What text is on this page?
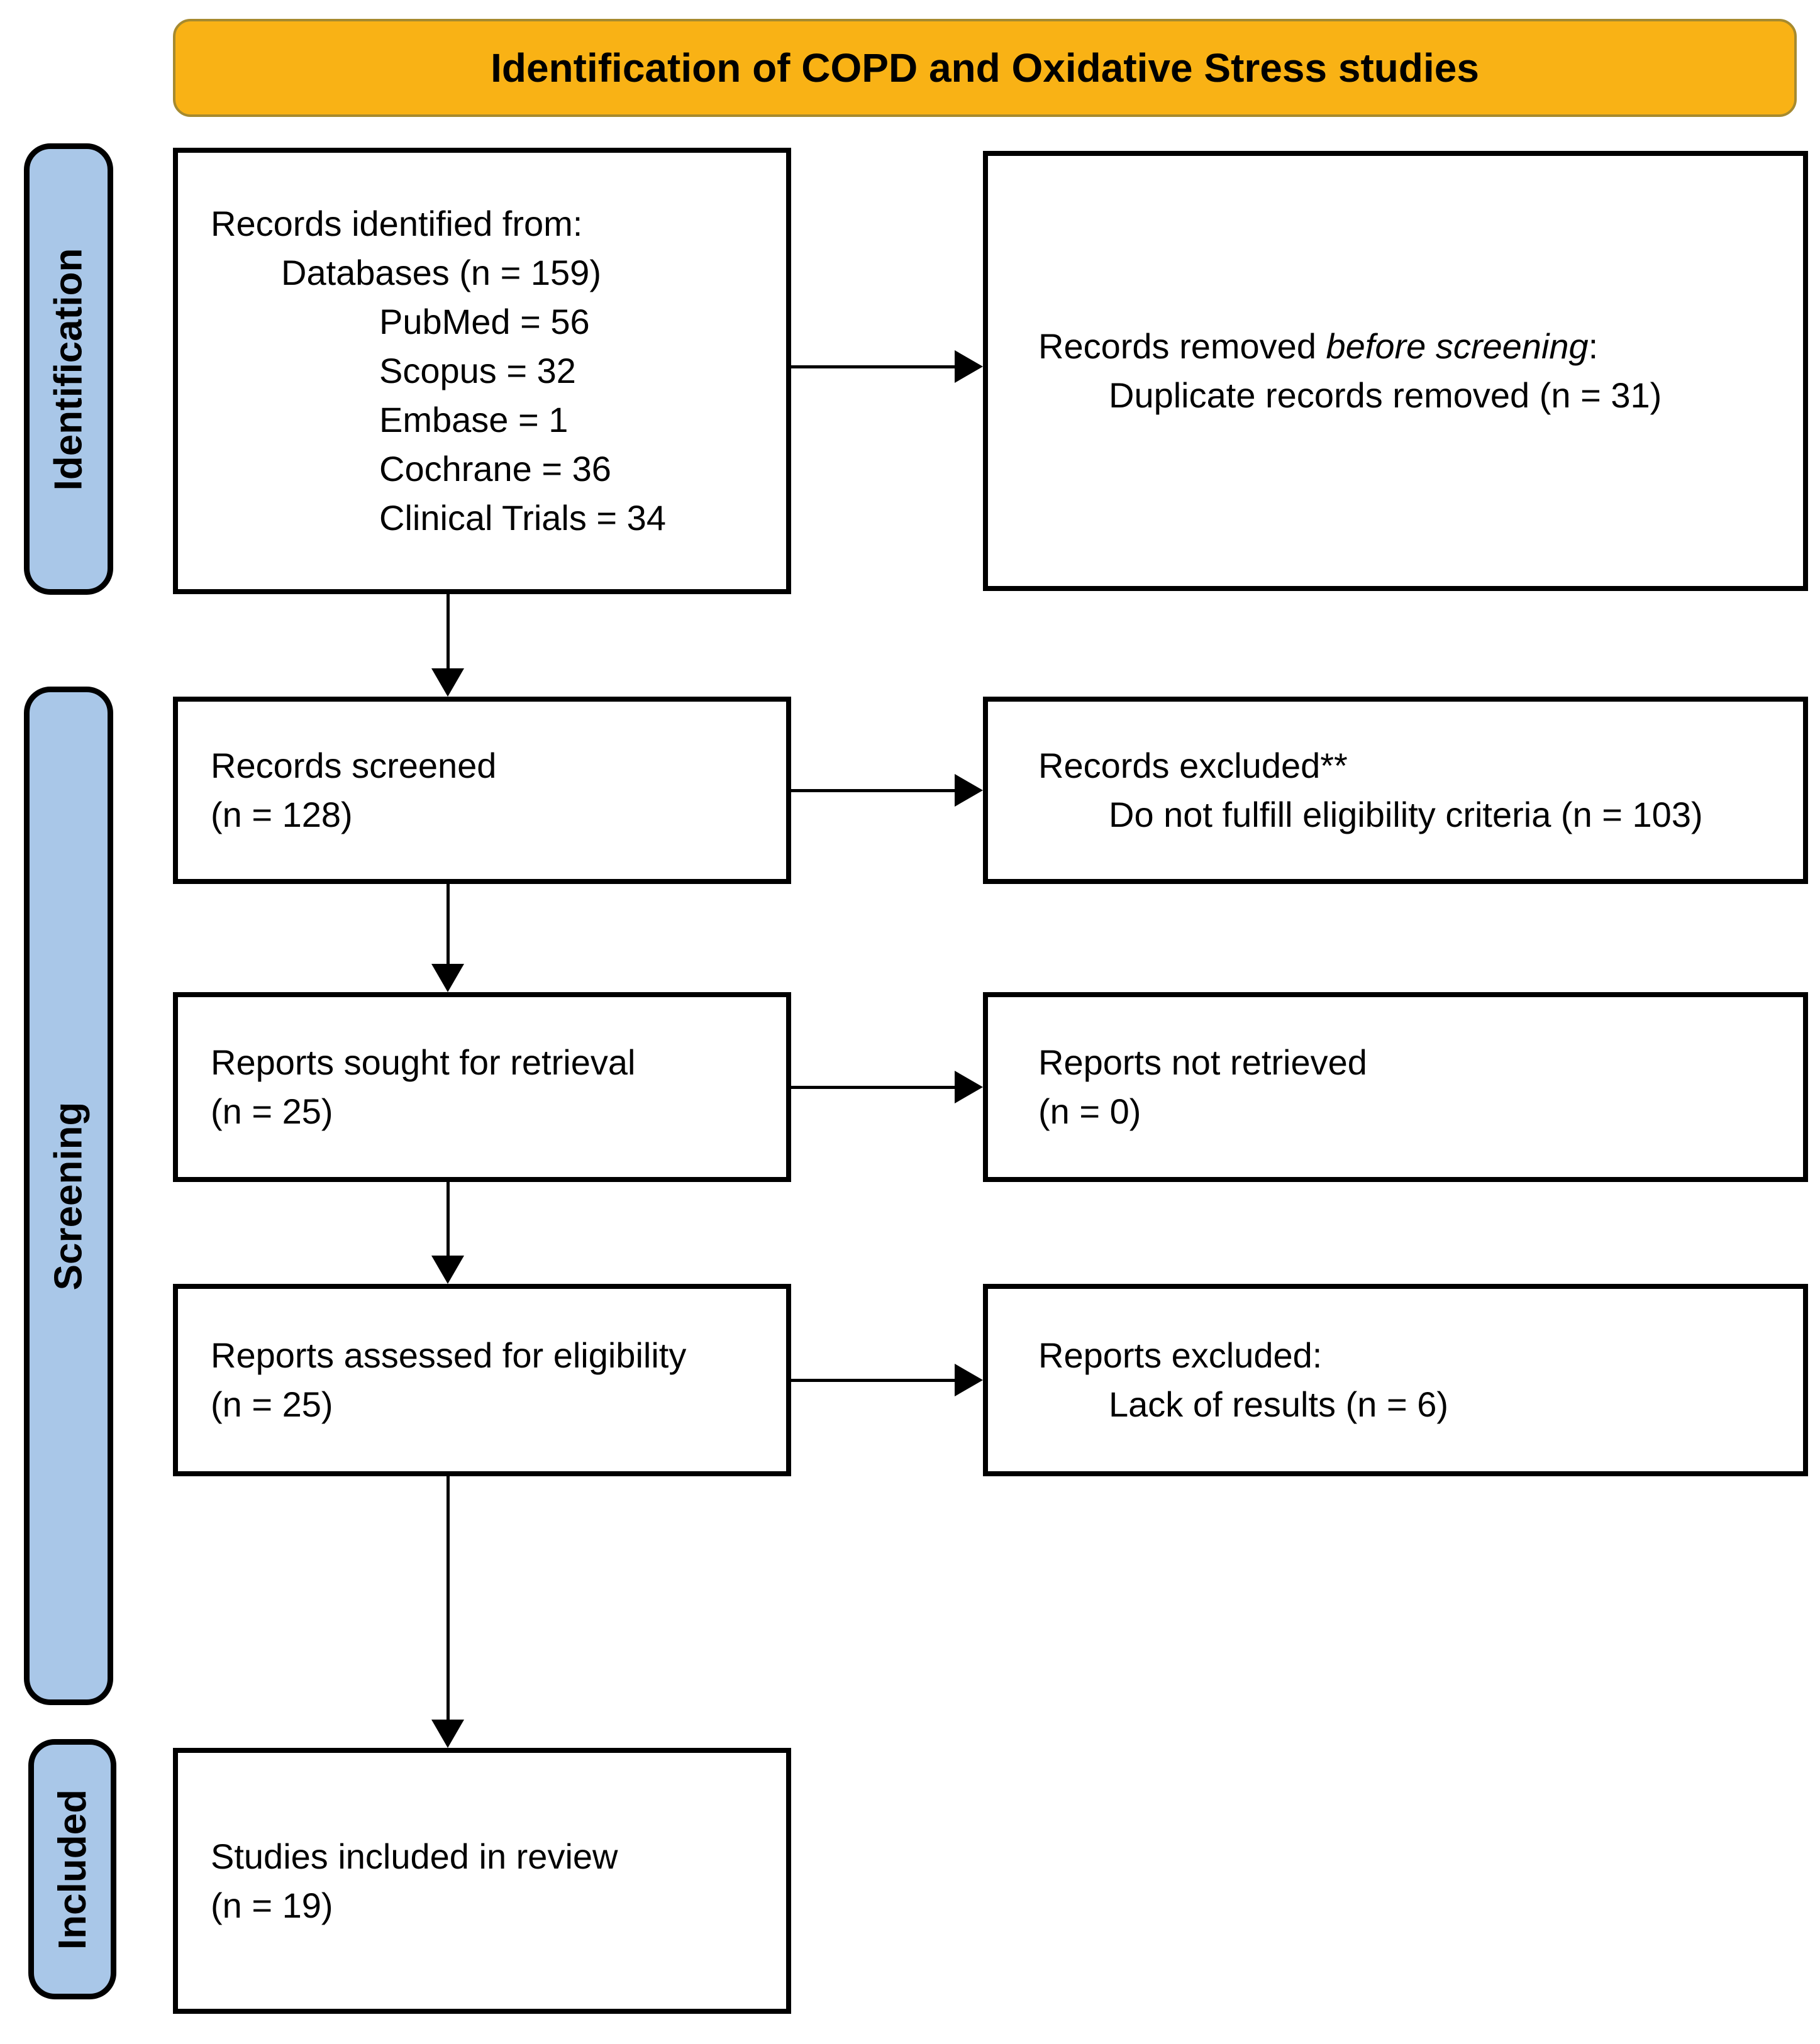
Identification of COPD and Oxidative Stress studies
Identification
Screening
Included
Records identified from:
Databases (n = 159)
PubMed = 56
Scopus = 32
Embase = 1
Cochrane = 36
Clinical Trials = 34
Records removed before screening:
Duplicate records removed (n = 31)
Records screened
(n = 128)
Records excluded**
Do not fulfill eligibility criteria (n = 103)
Reports sought for retrieval
(n = 25)
Reports not retrieved
(n = 0)
Reports assessed for eligibility
(n = 25)
Reports excluded:
Lack of results (n = 6)
Studies included in review
(n = 19)
